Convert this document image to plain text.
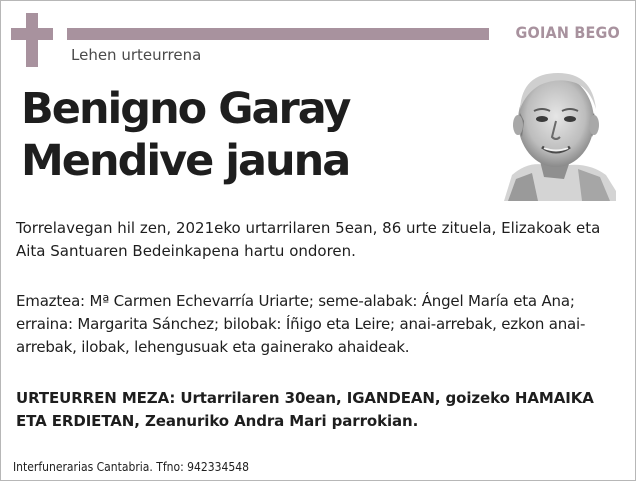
GOIAN BEGO
Lehen urteurrena
Benigno Garay
Mendive jauna
Torrelavegan hil zen, 2021eko urtarrilaren 5ean, 86 urte zituela, Elizakoak eta Aita Santuaren Bedeinkapena hartu ondoren.
Emaztea: Mª Carmen Echevarría Uriarte; seme-alabak: Ángel María eta Ana; erraina: Margarita Sánchez; bilobak: Íñigo eta Leire; anai-arrebak, ezkon anai-arrebak, ilobak, lehengusuak eta gainerako ahaideak.
URTEURREN MEZA: Urtarrilaren 30ean, IGANDEAN, goizeko HAMAIKA ETA ERDIETAN, Zeanuriko Andra Mari parrokian.
Interfunerarias Cantabria. Tfno: 942334548
